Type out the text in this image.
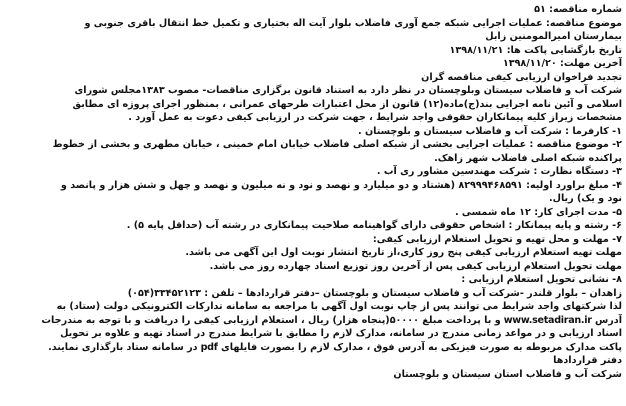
شماره مناقصه: ۵۱
موضوع مناقصه: عملیات اجرایی شبکه جمع آوری فاضلاب بلوار آیت اله بختیاری و تکمیل خط انتقال باقری جنوبی و
بیمارستان امیرالمومنین زابل
تاریخ بازگشایی پاکت ها: ۱۳۹۸/۱۱/۲۱
آخرین مهلت: ۱۳۹۸/۱۱/۲۰
تجدید فراخوان ارزیابی کیفی مناقصه گران
شرکت آب و فاضلاب سیستان وبلوچستان در نظر دارد به استناد قانون برگزاری مناقصات- مصوب ۱۳۸۳مجلس شورای
اسلامی و آئین نامه اجرایی بند(ج)ماده(۱۲) قانون از محل اعتبارات طرحهای عمرانی ، بمنظور اجرای پروژه ای مطابق
مشخصات زیراز کلیه پیمانکاران حقوقی واجد شرایط ، جهت شرکت در ارزیابی کیفی دعوت به عمل آورد .
۱- کارفرما : شرکت آب و فاضلاب سیستان و بلوچستان .
۲- موضوع مناقصه : عملیات اجرایی بخشی از شبکه اصلی فاضلاب خیابان امام خمینی ، خیابان مطهری و بخشی از خطوط
پراکنده شبکه اصلی فاضلاب شهر زاهک.
۳- دستگاه نظارت : شرکت مهندسین مشاور ری آب .
۴- مبلغ براورد اولیه: ۸۲۹۹۹۴۶۸۵۹۱ (هشتاد و دو میلیارد و نهصد و نود و نه میلیون و نهصد و چهل و شش هزار و پانصد و
نود و یک) ریال.
۵- مدت اجرای کار: ۱۲ ماه شمسی .
۶- رشته و پایه پیمانکار : اشخاص حقوقی دارای گواهینامه صلاحیت پیمانکاری در رشته آب (حداقل پایه ۵) .
۷- مهلت و محل تهیه و تحویل استعلام ارزیابی کیفی:
مهلت تهیه استعلام ارزیابی کیفی پنج روز کاری،از تاریخ انتشار نوبت اول این آگهی می باشد.
مهلت تحویل استعلام ارزیابی کیفی پس از آخرین روز توزیع اسناد چهارده روز می باشد.
۸- نشانی تحویل استعلام ارزیابی :
زاهدان – بلوار قلندر -شرکت آب و فاضلاب سیستان و بلوچستان –دفتر قراردادها – تلفن : ۳۳۴۵۲۱۲۳(۰۵۴)
لذا شرکتهای واجد شرایط می توانند پس از چاپ نوبت اول آگهی با مراجعه به سامانه تدارکات الکترونیکی دولت (ستاد) به
آدرس www.setadiran.ir و با پرداخت مبلغ ۵۰۰۰۰(پنجاه هزار) ریال ، استعلام ارزیابی کیفی را دریافت و با توجه به مندرجات
اسناد ارزیابی و در مواعد زمانی مندرج در سامانه، مدارک لازم را مطابق با شرایط مندرج در اسناد تهیه و علاوه بر تحویل
پاکت مدارک مربوطه به صورت فیزیکی به آدرس فوق ، مدارک لازم را بصورت فایلهای pdf در سامانه ستاد بارگذاری نمایند.
دفتر قراردادها
شرکت آب و فاضلاب استان سیستان و بلوچستان
